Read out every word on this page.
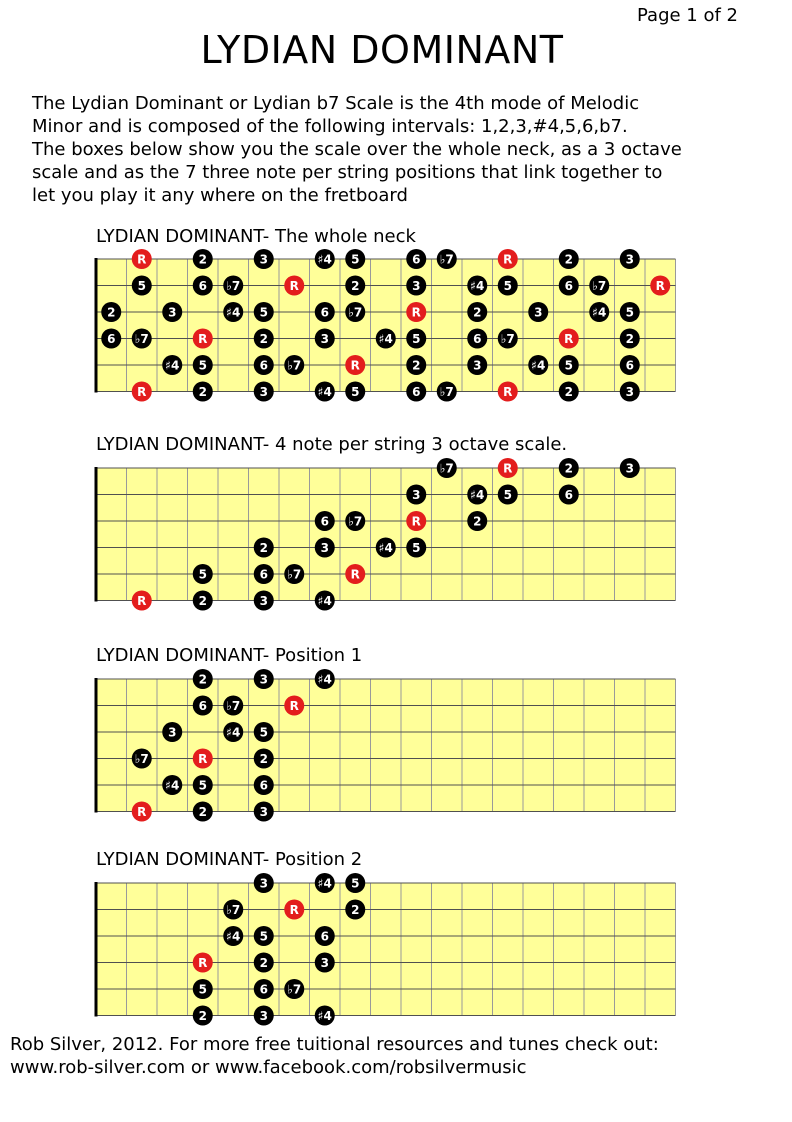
Page 1 of 2
LYDIAN DOMINANT
The Lydian Dominant or Lydian b7 Scale is the 4th mode of Melodic
Minor and is composed of the following intervals: 1,2,3,#4,5,6,b7.
The boxes below show you the scale over the whole neck, as a 3 octave
scale and as the 7 three note per string positions that link together to
let you play it any where on the fretboard
LYDIAN DOMINANT- The whole neck
R	2	3	♯4 5	6 ♭7	R	2	3
5	6 ♭7	R	2	3	♯4 5	6 ♭7	R
2	3	♯4 5	6 ♭7	R	2	3	♯4 5
6 ♭7	R	2	3	♯4 5	6 ♭7	R	2
♯4 5	6 ♭7	R	2	3	♯4 5	6
R	2	3	♯4 5	6 ♭7	R	2	3
LYDIAN DOMINANT- 4 note per string 3 octave scale.
♭7	R	2	3
3	♯4 5	6
6 ♭7	R	2
2	3	♯4 5
5	6 ♭7	R
R	2	3	♯4
LYDIAN DOMINANT- Position 1
2	3	♯4
6 ♭7	R
3	♯4 5
♭7	R	2
♯4 5	6
R	2	3
LYDIAN DOMINANT- Position 2
3	♯4 5
♭7	R	2
♯4 5	6
R	2	3
5	6 ♭7
2	3	♯4
Rob Silver, 2012. For more free tuitional resources and tunes check out:
www.rob-silver.com or www.facebook.com/robsilvermusic
